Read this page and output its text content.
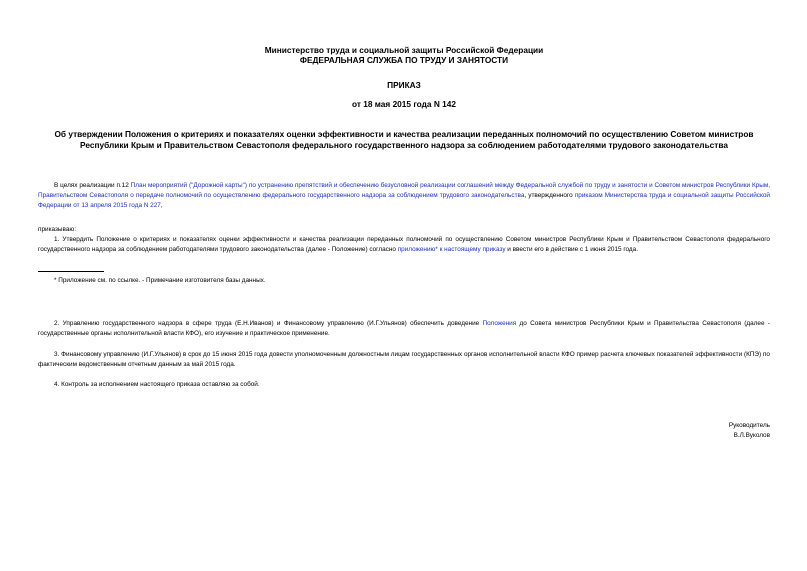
Министерство труда и социальной защиты Российской Федерации
ФЕДЕРАЛЬНАЯ СЛУЖБА ПО ТРУДУ И ЗАНЯТОСТИ
ПРИКАЗ
от 18 мая 2015 года N 142
Об утверждении Положения о критериях и показателях оценки эффективности и качества реализации переданных полномочий по осуществлению Советом министров Республики Крым и Правительством Севастополя федерального государственного надзора за соблюдением работодателями трудового законодательства
В целях реализации п.12 План мероприятий ("Дорожной карты") по устранению препятствий и обеспечению безусловной реализации соглашений между Федеральной службой по труду и занятости и Советом министров Республики Крым, Правительством Севастополя о передаче полномочий по осуществлению федерального государственного надзора за соблюдением трудового законодательства, утвержденного приказом Министерства труда и социальной защиты Российской Федерации от 13 апреля 2015 года N 227,
приказываю:
1. Утвердить Положение о критериях и показателях оценки эффективности и качества реализации переданных полномочий по осуществлению Советом министров Республики Крым и Правительством Севастополя федерального государственного надзора за соблюдением работодателями трудового законодательства (далее - Положение) согласно приложению* к настоящему приказу и ввести его в действие с 1 июня 2015 года.
* Приложение см. по ссылке. - Примечание изготовителя базы данных.
2. Управлению государственного надзора в сфере труда (Е.Н.Иванов) и Финансовому управлению (И.Г.Ульянов) обеспечить доведение Положения до Совета министров Республики Крым и Правительства Севастополя (далее - государственные органы исполнительной власти КФО), его изучение и практическое применение.
3. Финансовому управлению (И.Г.Ульянов) в срок до 15 июня 2015 года довести уполномоченным должностным лицам государственных органов исполнительной власти КФО пример расчета ключевых показателей эффективности (КПЭ) по фактическим ведомственным отчетным данным за май 2015 года.
4. Контроль за исполнением настоящего приказа оставляю за собой.
Руководитель
В.Л.Вуколов
